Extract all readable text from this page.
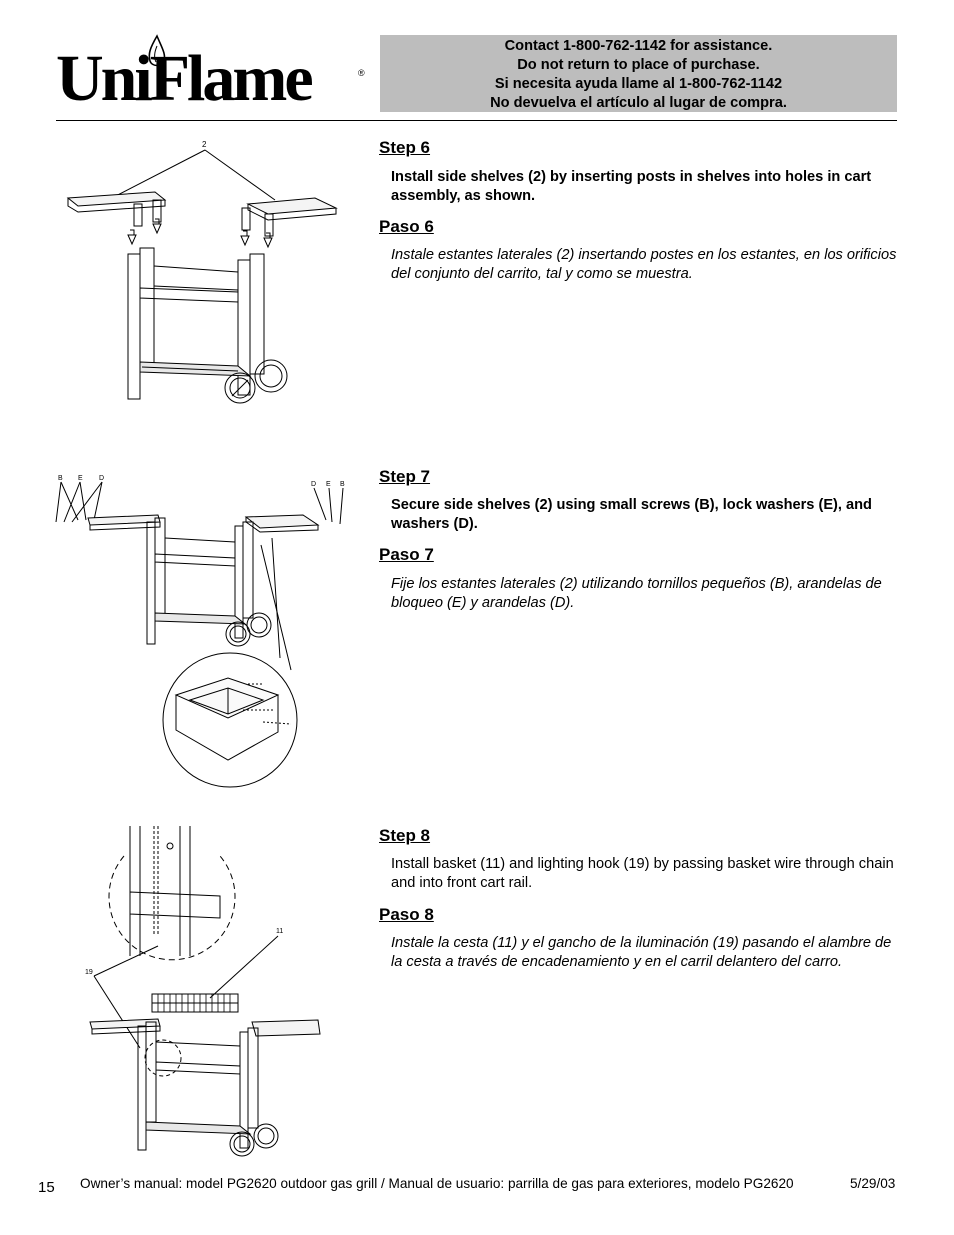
UniFlame	®
Contact 1-800-762-1142 for assistance.
Do not return to place of purchase.
Si necesita ayuda llame al 1-800-762-1142
No devuelva el artículo al lugar de compra.
2	Step 6
Install side shelves (2) by inserting posts in shelves into holes in cart assembly, as shown.
Paso 6
Instale estantes laterales (2) insertando postes en los estantes, en los orificios del conjunto del carrito, tal y como se muestra.
B E D
D E B Step 7
Secure side shelves (2) using small screws (B), lock washers (E), and washers (D).
Paso 7
Fije los estantes laterales (2) utilizando tornillos pequeños (B), arandelas de bloqueo (E) y arandelas (D).
11
19
Step 8
Install basket (11) and lighting hook (19) by passing basket wire through chain and into front cart rail.
Paso 8
Instale la cesta (11) y el gancho de la iluminación (19) pasando el alambre de la cesta a través de encadenamiento y en el carril delantero del carro.
15 Owner’s manual: model PG2620 outdoor gas grill / Manual de usuario: parrilla de gas para exteriores, modelo PG2620	5/29/03
